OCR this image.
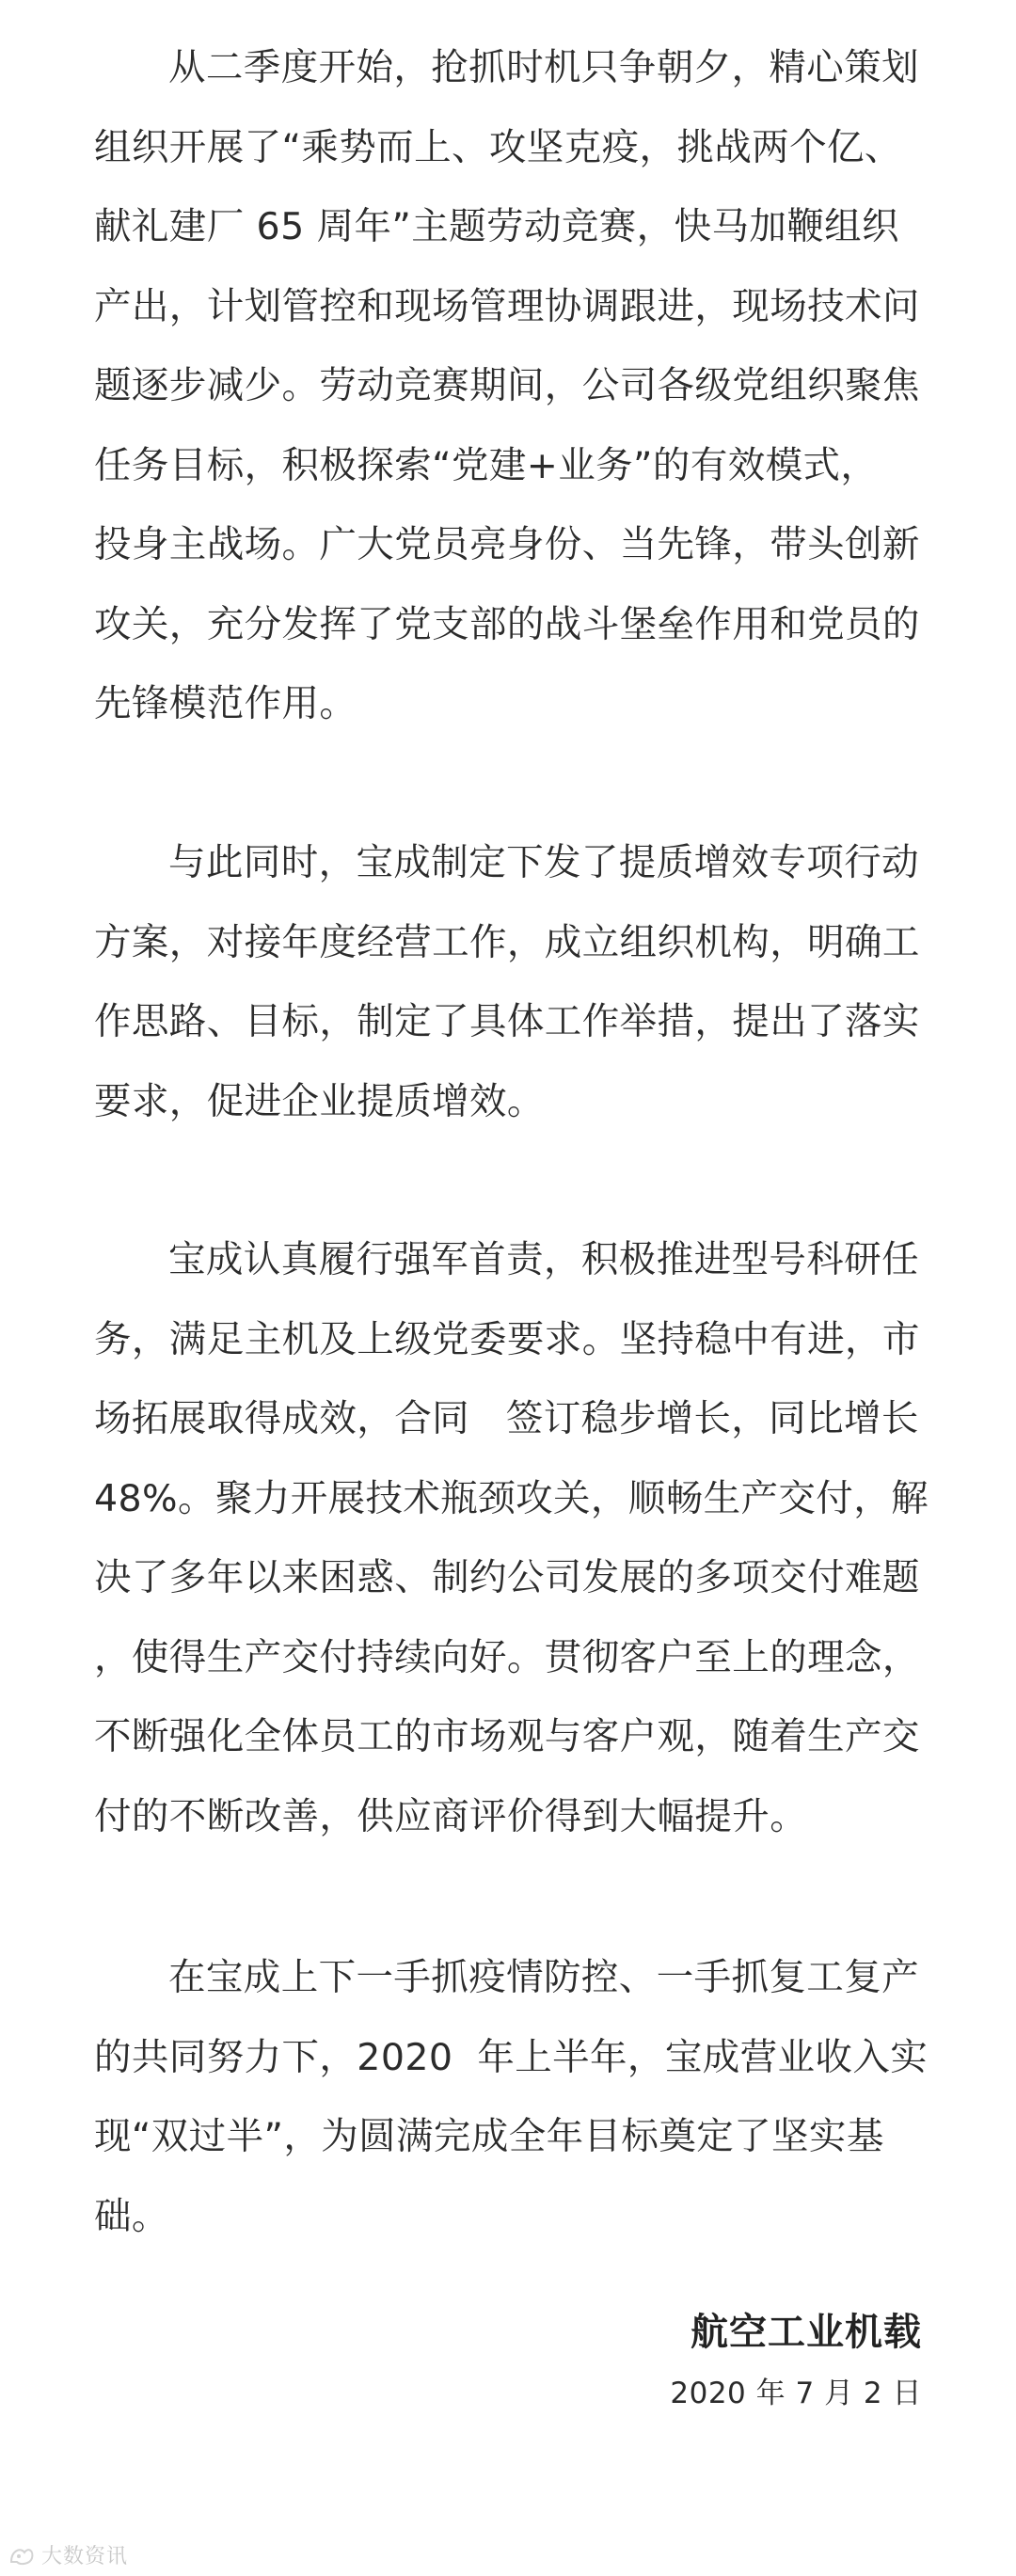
从二季度开始，抢抓时机只争朝夕，精心策划
组织开展了“乘势而上、攻坚克疫，挑战两个亿、
献礼建厂 65 周年”主题劳动竞赛，快马加鞭组织
产出，计划管控和现场管理协调跟进，现场技术问
题逐步减少。劳动竞赛期间，公司各级党组织聚焦
任务目标，积极探索“党建+业务”的有效模式，
投身主战场。广大党员亮身份、当先锋，带头创新
攻关，充分发挥了党支部的战斗堡垒作用和党员的
先锋模范作用。
与此同时，宝成制定下发了提质增效专项行动
方案，对接年度经营工作，成立组织机构，明确工
作思路、目标，制定了具体工作举措，提出了落实
要求，促进企业提质增效。
宝成认真履行强军首责，积极推进型号科研任
务，满足主机及上级党委要求。坚持稳中有进，市
场拓展取得成效，合同   签订稳步增长，同比增长
48%。聚力开展技术瓶颈攻关，顺畅生产交付，解
决了多年以来困惑、制约公司发展的多项交付难题
，使得生产交付持续向好。贯彻客户至上的理念，
不断强化全体员工的市场观与客户观，随着生产交
付的不断改善，供应商评价得到大幅提升。
在宝成上下一手抓疫情防控、一手抓复工复产
的共同努力下，2020  年上半年，宝成营业收入实
现“双过半”，为圆满完成全年目标奠定了坚实基
础。
航空工业机载
2020 年 7 月 2 日
大数资讯
